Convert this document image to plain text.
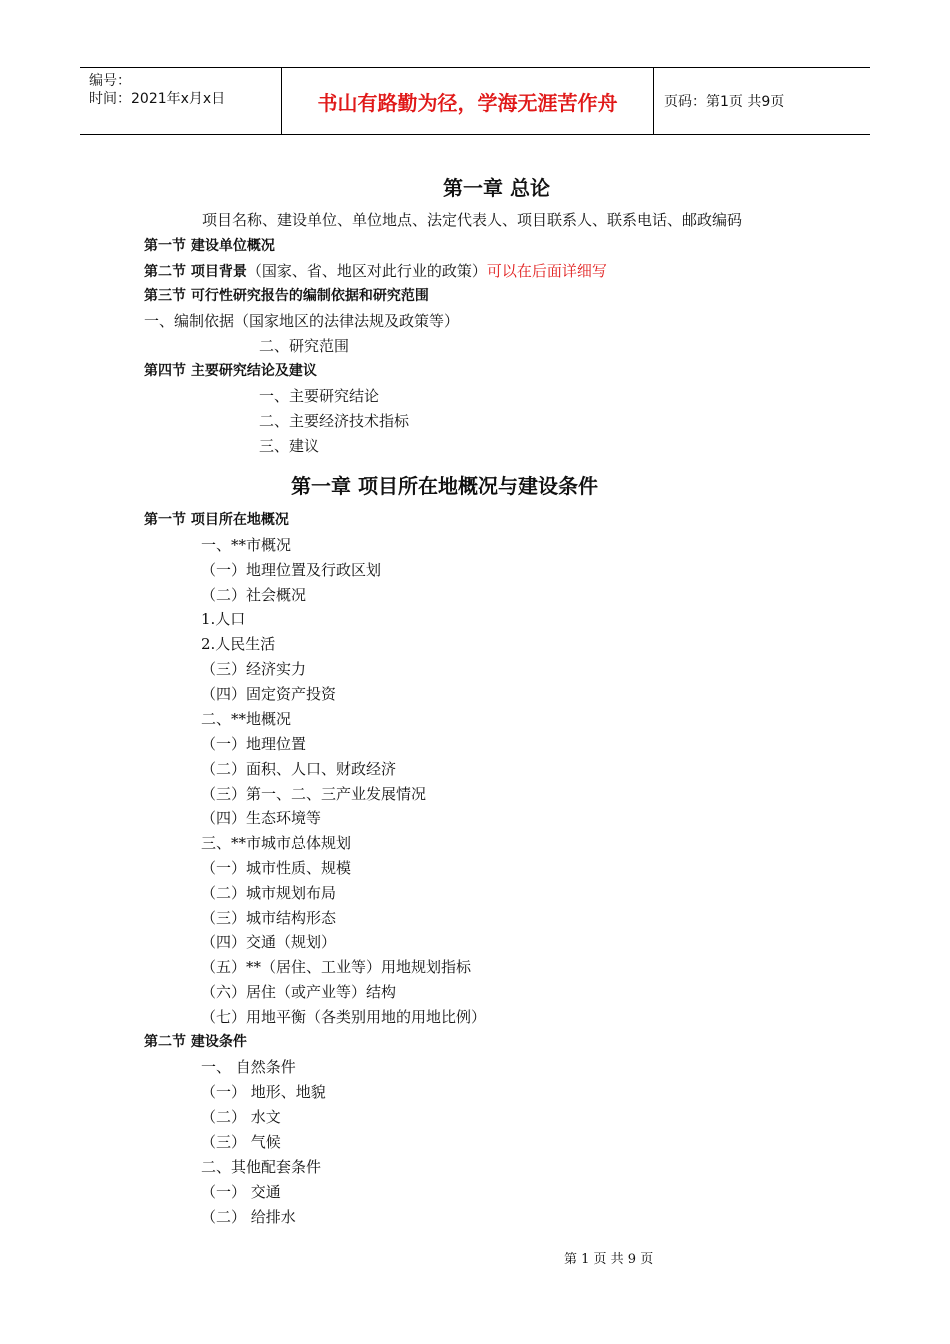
编号：
时间：2021年x月x日	书山有路勤为径，学海无涯苦作舟	页码：第1页 共9页
第一章 总论
项目名称、建设单位、单位地点、法定代表人、项目联系人、联系电话、邮政编码
第一节 建设单位概况
第二节 项目背景（国家、省、地区对此行业的政策）可以在后面详细写
第三节 可行性研究报告的编制依据和研究范围
一、编制依据（国家地区的法律法规及政策等）
二、研究范围
第四节 主要研究结论及建议
一、主要研究结论
二、主要经济技术指标
三、建议
第一章 项目所在地概况与建设条件
第一节 项目所在地概况
一、**市概况
（一）地理位置及行政区划
（二）社会概况
1.人口
2.人民生活
（三）经济实力
（四）固定资产投资
二、**地概况
（一）地理位置
（二）面积、人口、财政经济
（三）第一、二、三产业发展情况
（四）生态环境等
三、**市城市总体规划
（一）城市性质、规模
（二）城市规划布局
（三）城市结构形态
（四）交通（规划）
（五）**（居住、工业等）用地规划指标
（六）居住（或产业等）结构
（七）用地平衡（各类别用地的用地比例）
第二节 建设条件
一、 自然条件
（一） 地形、地貌
（二） 水文
（三） 气候
二、其他配套条件
（一） 交通
（二） 给排水
第 1 页 共 9 页
